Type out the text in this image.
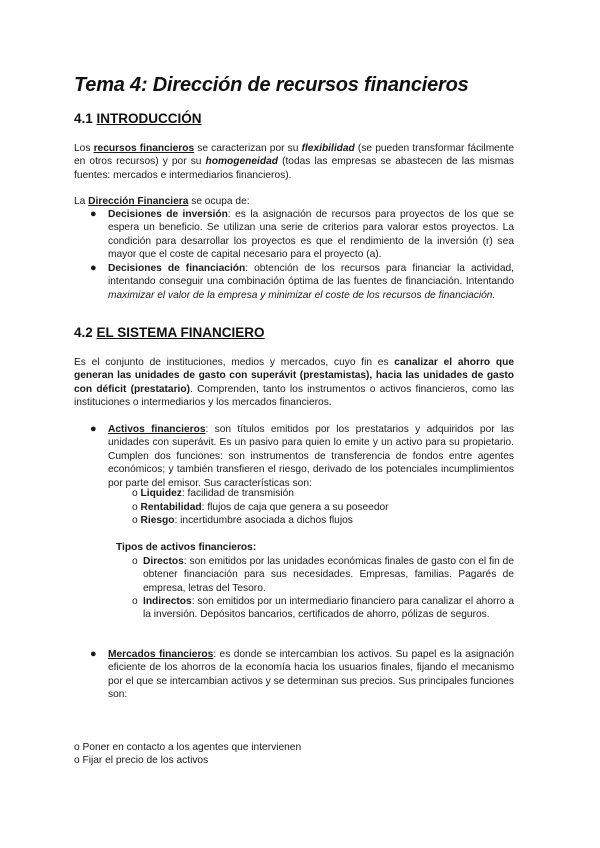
Tema 4: Dirección de recursos financieros
4.1 INTRODUCCIÓN

Los recursos financieros se caracterizan por su flexibilidad (se pueden transformar fácilmente en otros recursos) y por su homogeneidad (todas las empresas se abastecen de las mismas fuentes: mercados e intermediarios financieros).

La Dirección Financiera se ocupa de:

● Decisiones de inversión: es la asignación de recursos para proyectos de los que se espera un beneficio. Se utilizan una serie de criterios para valorar estos proyectos. La condición para desarrollar los proyectos es que el rendimiento de la inversión (r) sea mayor que el coste de capital necesario para el proyecto (a).

● Decisiones de financiación: obtención de los recursos para financiar la actividad, intentando conseguir una combinación óptima de las fuentes de financiación. Intentando maximizar el valor de la empresa y minimizar el coste de los recursos de financiación.

4.2 EL SISTEMA FINANCIERO

Es el conjunto de instituciones, medios y mercados, cuyo fin es canalizar el ahorro que generan las unidades de gasto con superávit (prestamistas), hacia las unidades de gasto con déficit (prestatario). Comprenden, tanto los instrumentos o activos financieros, como las instituciones o intermediarios y los mercados financieros.

● Activos financieros: son títulos emitidos por los prestatarios y adquiridos por las unidades con superávit. Es un pasivo para quien lo emite y un activo para su propietario. Cumplen dos funciones: son instrumentos de transferencia de fondos entre agentes económicos; y también transfieren el riesgo, derivado de los potenciales incumplimientos por parte del emisor. Sus características son:

o Liquidez: facilidad de transmisión

o Rentabilidad: flujos de caja que genera a su poseedor

o Riesgo: incertidumbre asociada a dichos flujos

Tipos de activos financieros:

o Directos: son emitidos por las unidades económicas finales de gasto con el fin de obtener financiación para sus necesidades. Empresas, familias. Pagarés de empresa, letras del Tesoro.

o Indirectos: son emitidos por un intermediario financiero para canalizar el ahorro a la inversión. Depósitos bancarios, certificados de ahorro, pólizas de seguros.

● Mercados financieros: es donde se intercambian los activos. Su papel es la asignación eficiente de los ahorros de la economía hacia los usuarios finales, fijando el mecanismo por el que se intercambian activos y se determinan sus precios. Sus principales funciones son:

o Poner en contacto a los agentes que intervienen

o Fijar el precio de los activos
